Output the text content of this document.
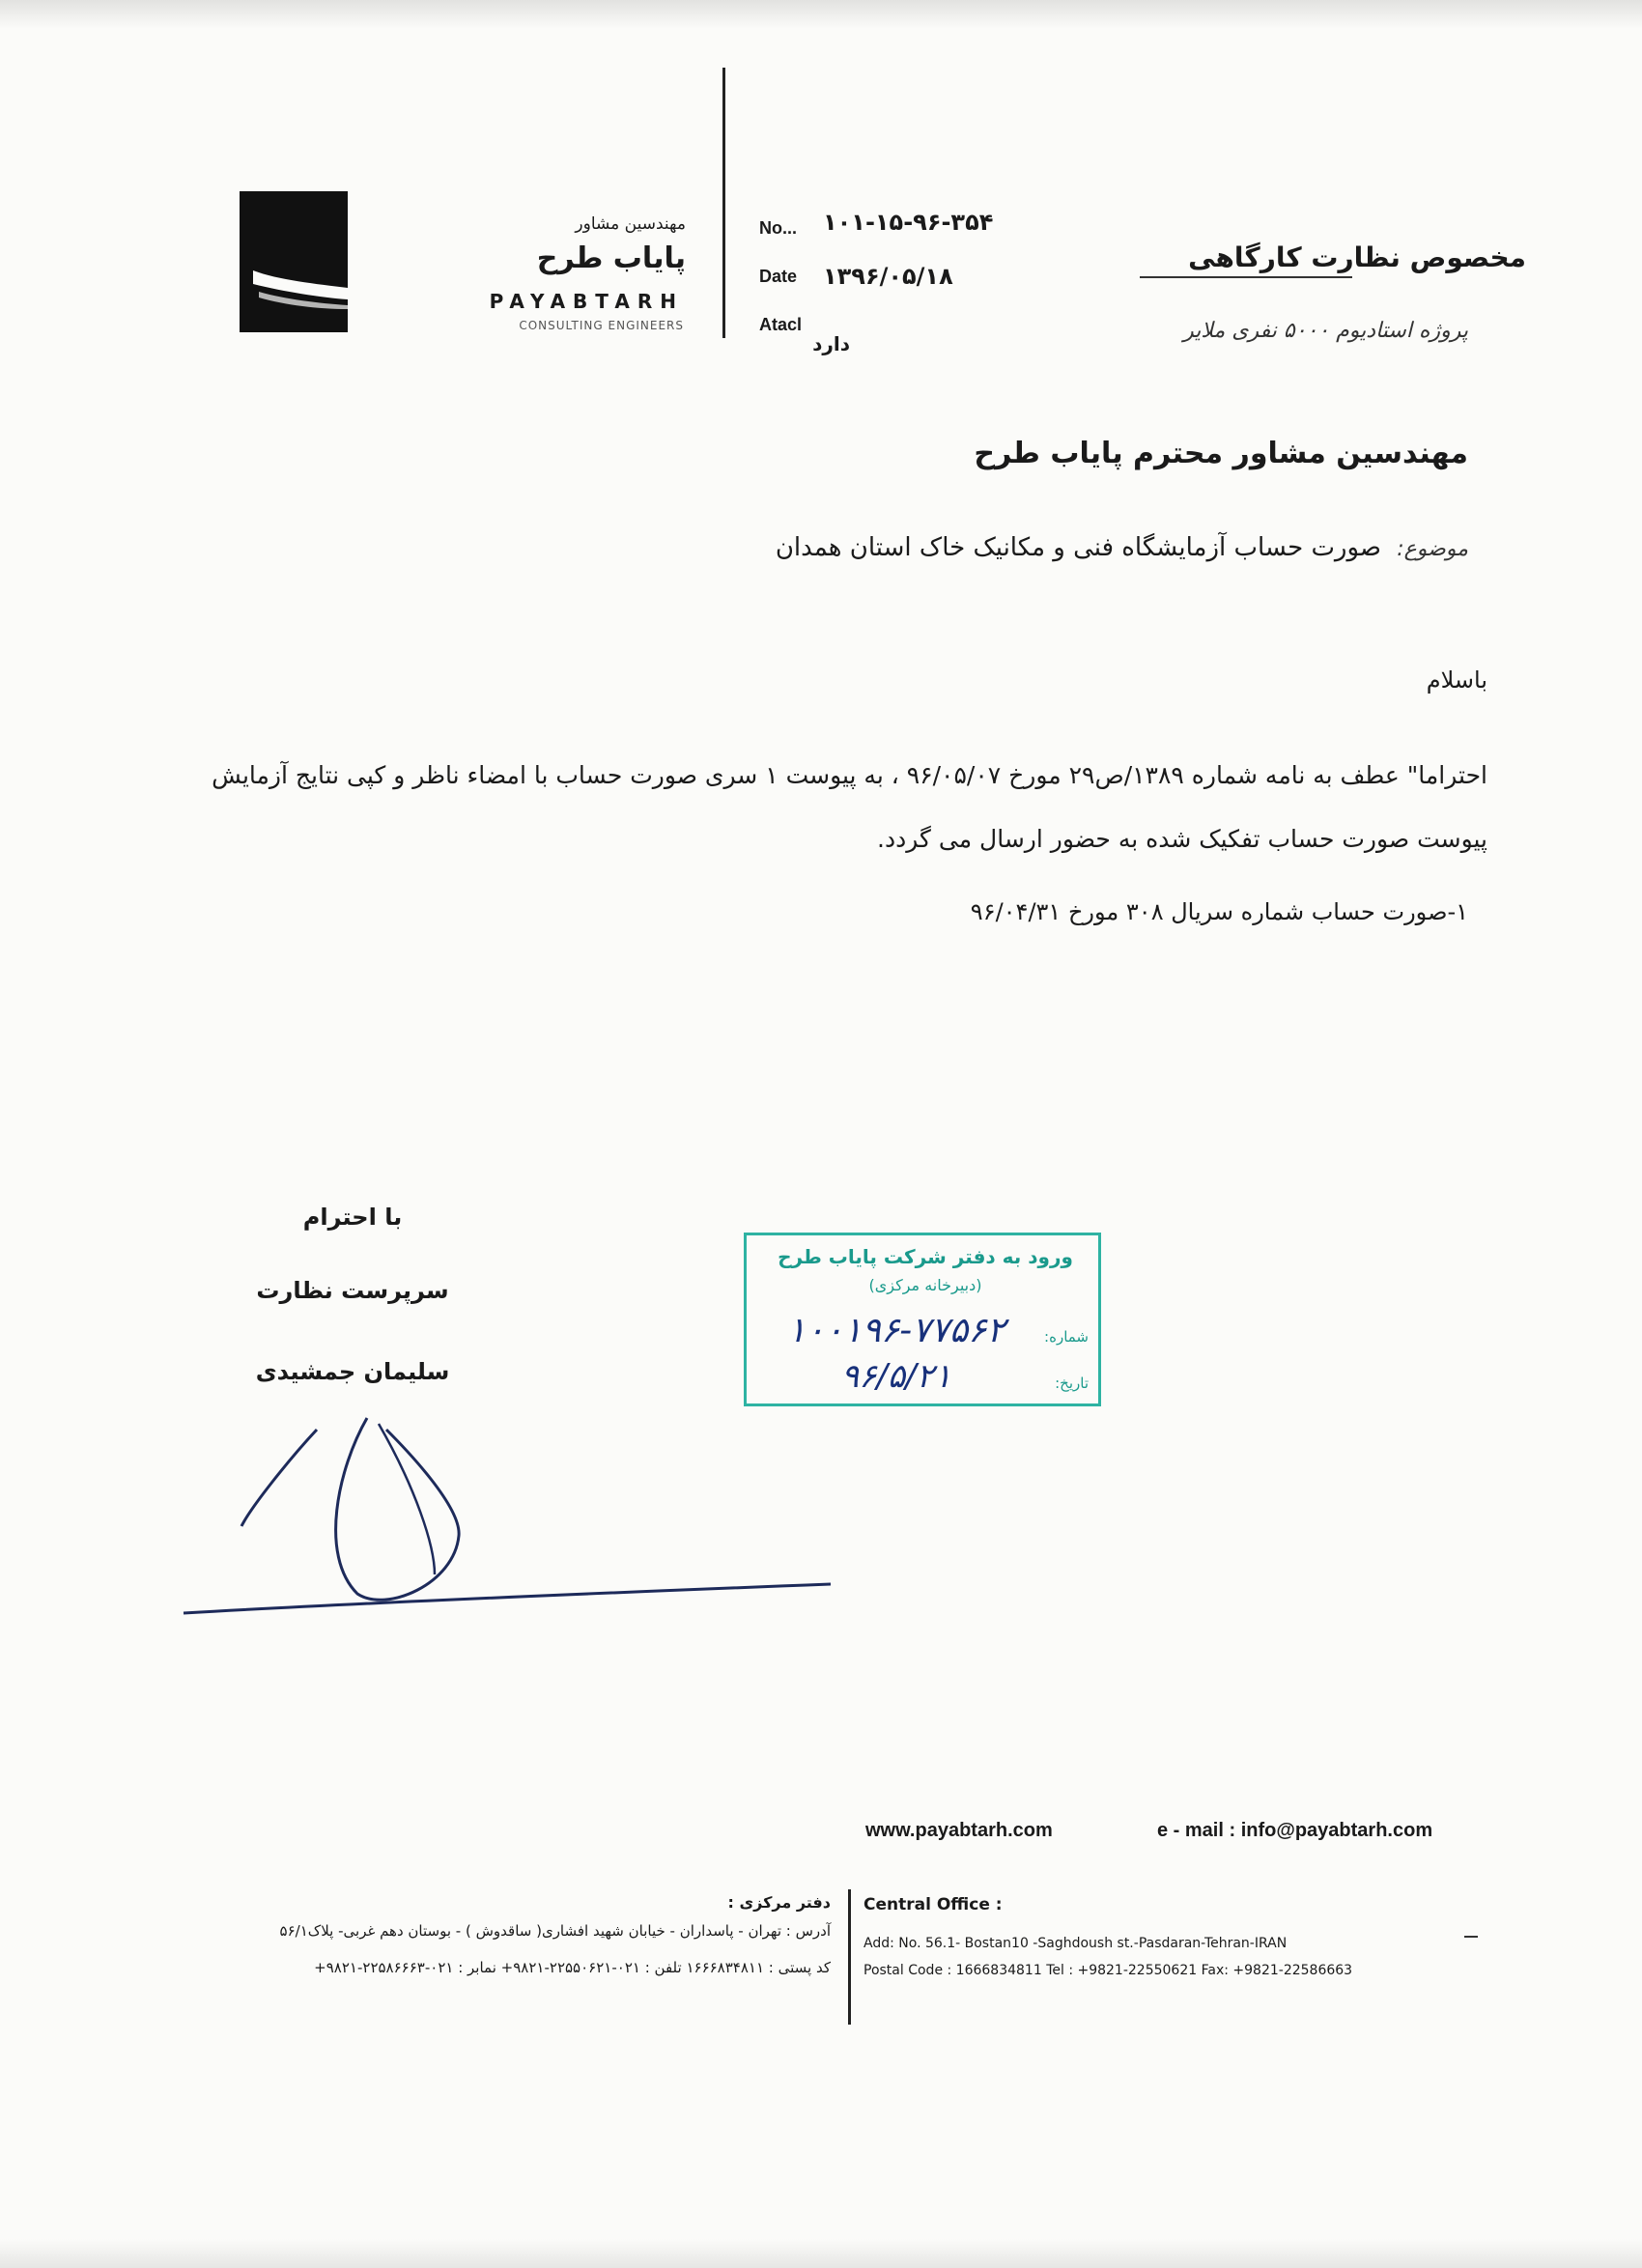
مهندسین مشاور
پایاب طرح
PAYABTARH
CONSULTING ENGINEERS
No... ۱۰۱-۱۵-۹۶-۳۵۴
Date ۱۳۹۶/۰۵/۱۸
Atacl
دارد
مخصوص نظارت کارگاهی
پروژه استادیوم ۵۰۰۰ نفری ملایر
مهندسین مشاور محترم پایاب طرح
موضوع:
صورت حساب آزمایشگاه فنی و مکانیک خاک استان همدان
باسلام
احتراما" عطف به نامه شماره ۱۳۸۹/ص۲۹ مورخ ۹۶/۰۵/۰۷ ، به پیوست ۱ سری صورت حساب با امضاء ناظر و کپی نتایج آزمایش
پیوست صورت حساب تفکیک شده به حضور ارسال می گردد.
۱-صورت حساب شماره سریال ۳۰۸ مورخ ۹۶/۰۴/۳۱
با احترام
سرپرست نظارت
سلیمان جمشیدی
ورود به دفتر شرکت پایاب طرح
(دبیرخانه مرکزی)
شماره:
۱۰۰۱۹۶-۷۷۵۶۲
تاریخ:
۹۶/۵/۲۱
www.payabtarh.com	e - mail : info@payabtarh.com
دفتر مرکزی :
آدرس : تهران - پاسداران - خیابان شهید افشاری( ساقدوش ) - بوستان دهم غربی- پلاک۵۶/۱
کد پستی : ۱۶۶۶۸۳۴۸۱۱ تلفن : ۰۲۱-۲۲۵۵۰۶۲۱-۹۸۲۱+ نمابر : ۰۲۱-۲۲۵۸۶۶۶۳-۹۸۲۱+
Central Office :
Add: No. 56.1- Bostan10 -Saghdoush st.-Pasdaran-Tehran-IRAN
Postal Code : 1666834811 Tel : +9821-22550621 Fax: +9821-22586663
